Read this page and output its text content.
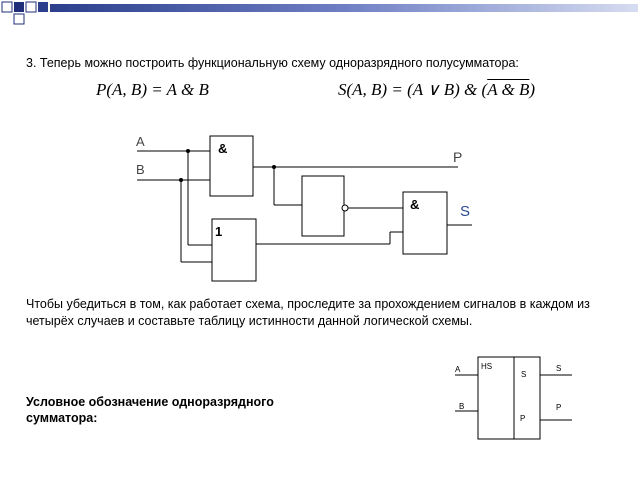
3. Теперь можно построить функциональную схему одноразрядного полусумматора:
P(A, B) = A & B	S(A, B) = (A ∨ B) & (A & B)
A
B
P
S
&
1
&
HS
A
B
S
P
S
P
Чтобы убедиться в том, как работает схема, проследите за прохождением сигналов в каждом из четырёх случаев и составьте таблицу истинности данной логической схемы.
Условное обозначение одноразрядного сумматора:
